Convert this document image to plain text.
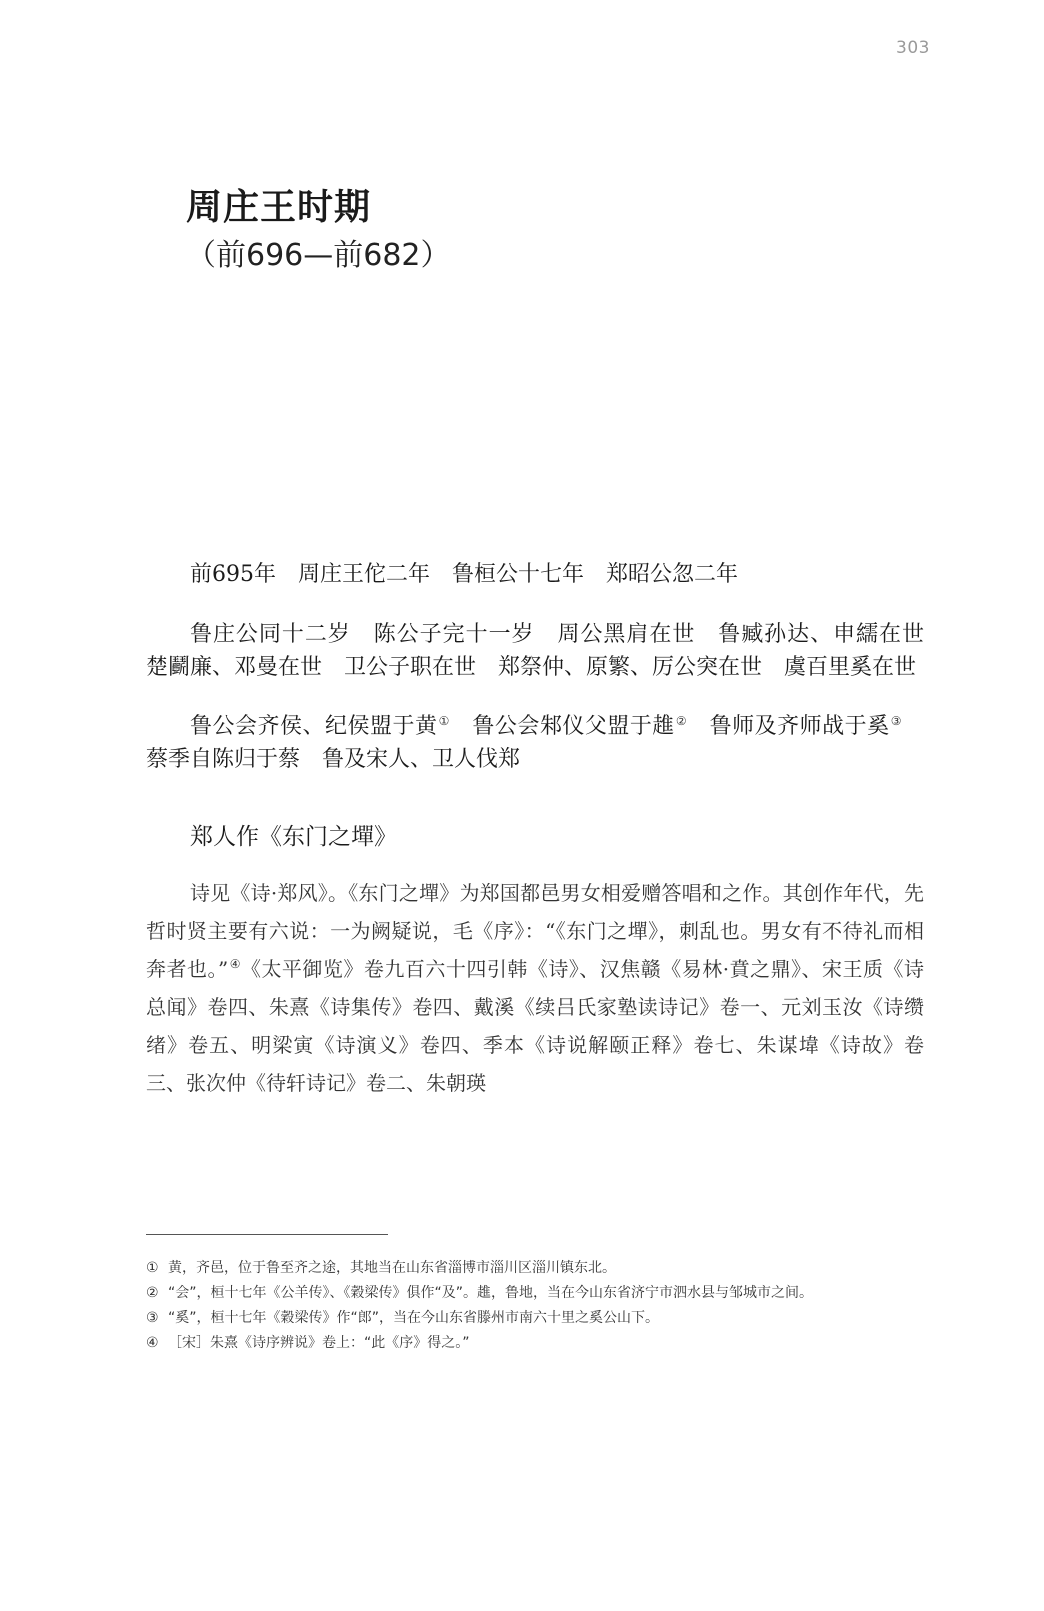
303
周庄王时期
（前696—前682）
前695年　周庄王佗二年　鲁桓公十七年　郑昭公忽二年
鲁庄公同十二岁　陈公子完十一岁　周公黑肩在世　鲁臧孙达、申繻在世　楚鬬廉、邓曼在世　卫公子职在世　郑祭仲、原繁、厉公突在世　虞百里奚在世
鲁公会齐侯、纪侯盟于黄①　鲁公会邾仪父盟于趡②　鲁师及齐师战于奚③　蔡季自陈归于蔡　鲁及宋人、卫人伐郑
郑人作《东门之墠》
诗见《诗·郑风》。《东门之墠》为郑国都邑男女相爱赠答唱和之作。其创作年代，先哲时贤主要有六说：一为阙疑说，毛《序》：“《东门之墠》，刺乱也。男女有不待礼而相奔者也。”④《太平御览》卷九百六十四引韩《诗》、汉焦赣《易林·賁之鼎》、宋王质《诗总闻》卷四、朱熹《诗集传》卷四、戴溪《续吕氏家塾读诗记》卷一、元刘玉汝《诗缵绪》卷五、明梁寅《诗演义》卷四、季本《诗说解颐正释》卷七、朱谋㙔《诗故》卷三、张次仲《待轩诗记》卷二、朱朝瑛
① 黄，齐邑，位于鲁至齐之途，其地当在山东省淄博市淄川区淄川镇东北。
② “会”，桓十七年《公羊传》、《穀梁传》俱作“及”。趡，鲁地，当在今山东省济宁市泗水县与邹城市之间。
③ “奚”，桓十七年《穀梁传》作“郎”，当在今山东省滕州市南六十里之奚公山下。
④ ［宋］朱熹《诗序辨说》卷上：“此《序》得之。”
